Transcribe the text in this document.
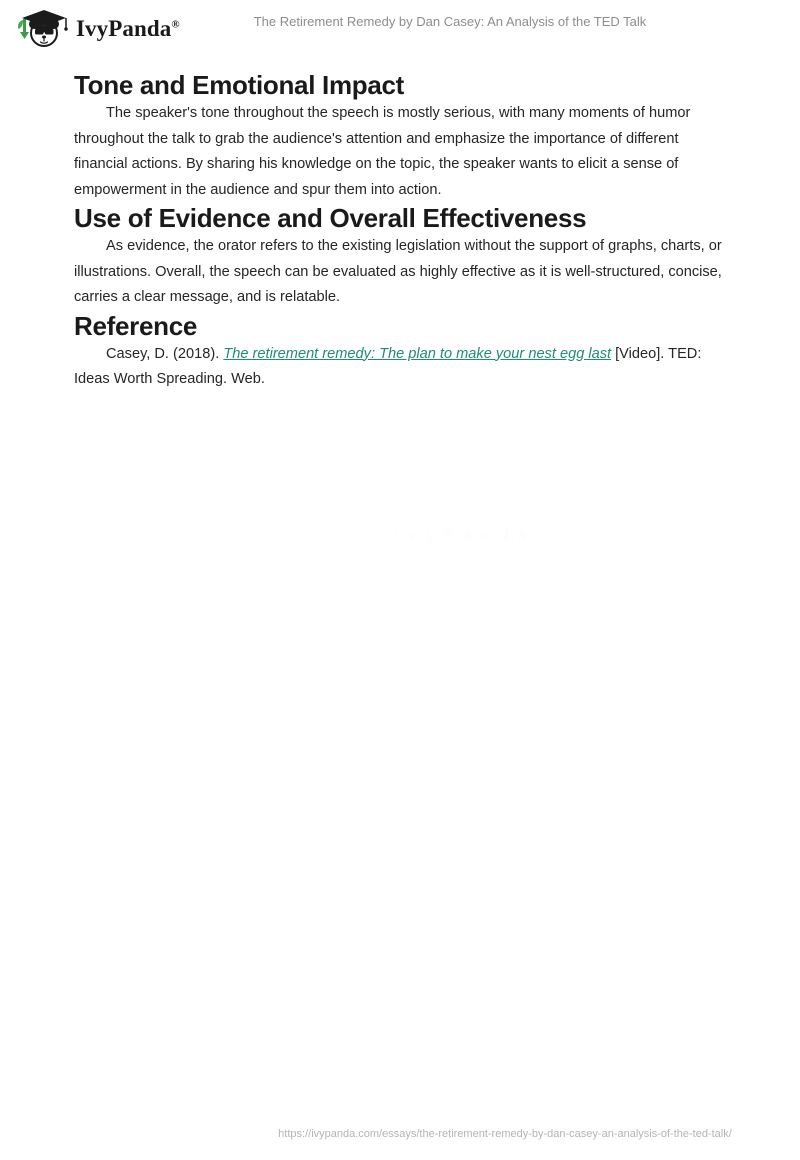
IvyPanda®	The Retirement Remedy by Dan Casey: An Analysis of the TED Talk
Tone and Emotional Impact

The speaker's tone throughout the speech is mostly serious, with many moments of humor throughout the talk to grab the audience's attention and emphasize the importance of different financial actions. By sharing his knowledge on the topic, the speaker wants to elicit a sense of empowerment in the audience and spur them into action.

Use of Evidence and Overall Effectiveness

As evidence, the orator refers to the existing legislation without the support of graphs, charts, or illustrations. Overall, the speech can be evaluated as highly effective as it is well-structured, concise, carries a clear message, and is relatable.

Reference

Casey, D. (2018). The retirement remedy: The plan to make your nest egg last [Video]. TED: Ideas Worth Spreading. Web.

I v y P a n d a
https://ivypanda.com/essays/the-retirement-remedy-by-dan-casey-an-analysis-of-the-ted-talk/
